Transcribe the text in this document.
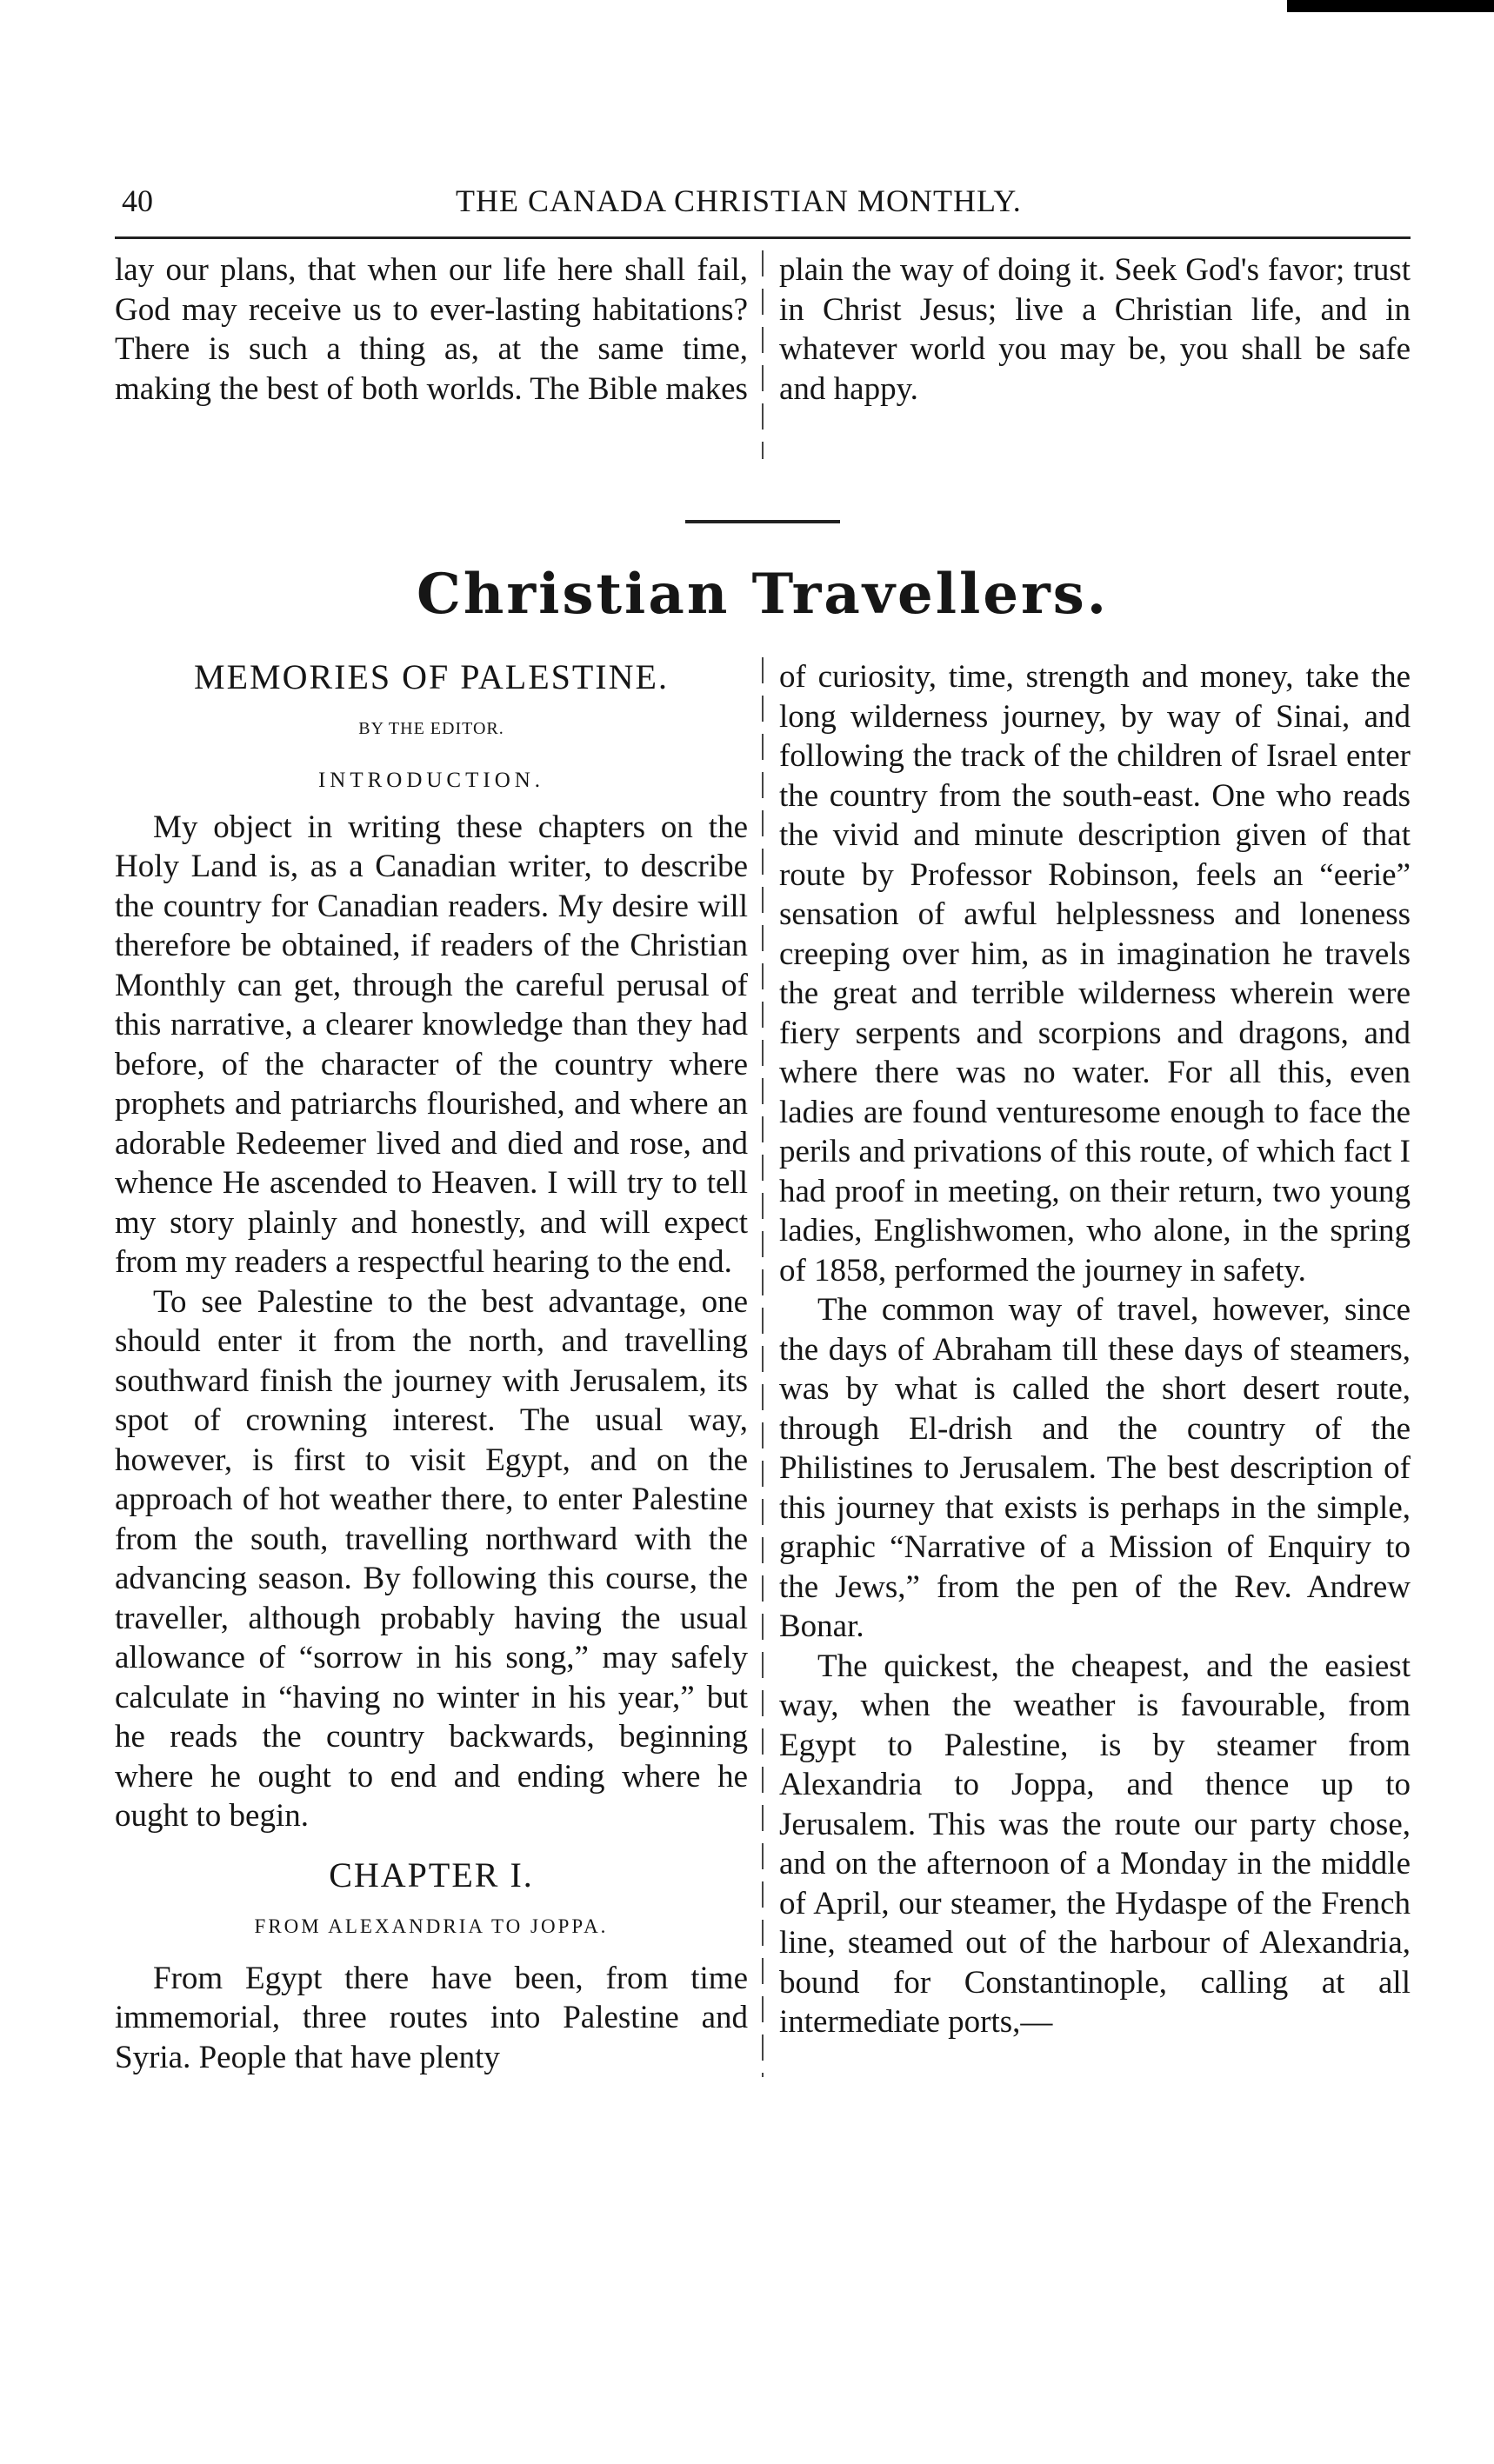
40	THE CANADA CHRISTIAN MONTHLY.

lay our plans, that when our life here shall fail, God may receive us to ever-lasting habitations? There is such a thing as, at the same time, making the best of both worlds. The Bible makes

plain the way of doing it. Seek God's favor; trust in Christ Jesus; live a Christian life, and in whatever world you may be, you shall be safe and happy.

Christian Travellers.
MEMORIES OF PALESTINE.
BY THE EDITOR.
INTRODUCTION.

My object in writing these chapters on the Holy Land is, as a Canadian writer, to describe the country for Canadian readers. My desire will therefore be obtained, if readers of the Christian Monthly can get, through the careful perusal of this narrative, a clearer knowledge than they had before, of the character of the country where prophets and patriarchs flourished, and where an adorable Redeemer lived and died and rose, and whence He ascended to Heaven. I will try to tell my story plainly and honestly, and will expect from my readers a respectful hearing to the end.

To see Palestine to the best advantage, one should enter it from the north, and travelling southward finish the journey with Jerusalem, its spot of crowning interest. The usual way, however, is first to visit Egypt, and on the approach of hot weather there, to enter Palestine from the south, travelling northward with the advancing season. By following this course, the traveller, although probably having the usual allowance of “sorrow in his song,” may safely calculate in “having no winter in his year,” but he reads the country backwards, beginning where he ought to end and ending where he ought to begin.

CHAPTER I.
FROM ALEXANDRIA TO JOPPA.

From Egypt there have been, from time immemorial, three routes into Palestine and Syria. People that have plenty

of curiosity, time, strength and money, take the long wilderness journey, by way of Sinai, and following the track of the children of Israel enter the country from the south-east. One who reads the vivid and minute description given of that route by Professor Robinson, feels an “eerie” sensation of awful helplessness and loneness creeping over him, as in imagination he travels the great and terrible wilderness wherein were fiery serpents and scorpions and dragons, and where there was no water. For all this, even ladies are found venturesome enough to face the perils and privations of this route, of which fact I had proof in meeting, on their return, two young ladies, Englishwomen, who alone, in the spring of 1858, performed the journey in safety.

The common way of travel, however, since the days of Abraham till these days of steamers, was by what is called the short desert route, through El-drish and the country of the Philistines to Jerusalem. The best description of this journey that exists is perhaps in the simple, graphic “Narrative of a Mission of Enquiry to the Jews,” from the pen of the Rev. Andrew Bonar.

The quickest, the cheapest, and the easiest way, when the weather is favourable, from Egypt to Palestine, is by steamer from Alexandria to Joppa, and thence up to Jerusalem. This was the route our party chose, and on the afternoon of a Monday in the middle of April, our steamer, the Hydaspe of the French line, steamed out of the harbour of Alexandria, bound for Constantinople, calling at all intermediate ports,—
